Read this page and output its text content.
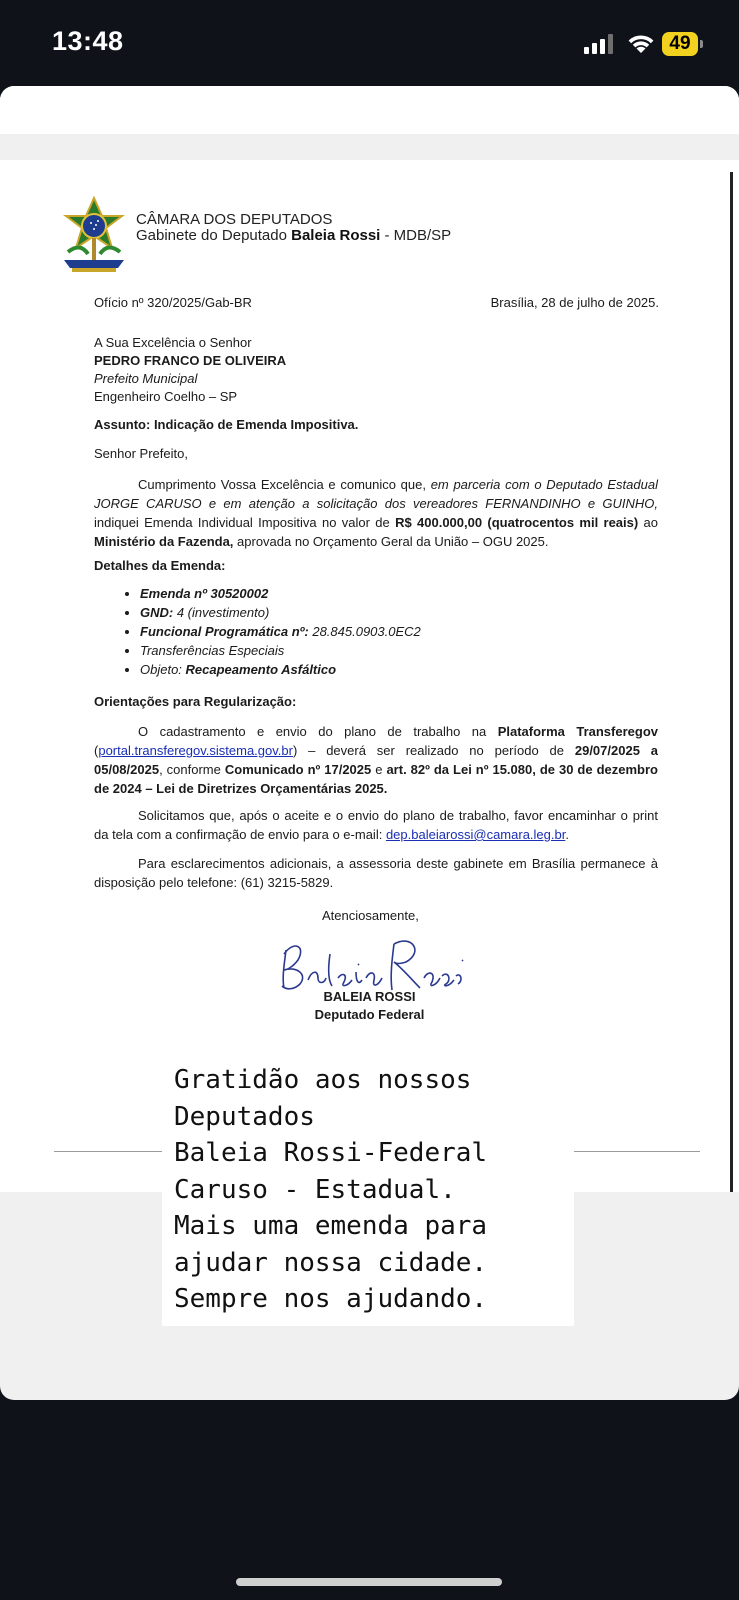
13:48	49
CÂMARA DOS DEPUTADOS
Gabinete do Deputado Baleia Rossi - MDB/SP
Ofício nº 320/2025/Gab-BR	Brasília, 28 de julho de 2025.
A Sua Excelência o Senhor
PEDRO FRANCO DE OLIVEIRA
Prefeito Municipal
Engenheiro Coelho – SP
Assunto: Indicação de Emenda Impositiva.
Senhor Prefeito,
Cumprimento Vossa Excelência e comunico que, em parceria com o Deputado Estadual JORGE CARUSO e em atenção a solicitação dos vereadores FERNANDINHO e GUINHO, indiquei Emenda Individual Impositiva no valor de R$ 400.000,00 (quatrocentos mil reais) ao Ministério da Fazenda, aprovada no Orçamento Geral da União – OGU 2025.
Detalhes da Emenda:
• Emenda nº 30520002
• GND: 4 (investimento)
• Funcional Programática nº: 28.845.0903.0EC2
• Transferências Especiais
• Objeto: Recapeamento Asfáltico
Orientações para Regularização:
O cadastramento e envio do plano de trabalho na Plataforma Transferegov (portal.transferegov.sistema.gov.br) – deverá ser realizado no período de 29/07/2025 a 05/08/2025, conforme Comunicado nº 17/2025 e art. 82º da Lei nº 15.080, de 30 de dezembro de 2024 – Lei de Diretrizes Orçamentárias 2025.
Solicitamos que, após o aceite e o envio do plano de trabalho, favor encaminhar o print da tela com a confirmação de envio para o e-mail: dep.baleiarossi@camara.leg.br.
Para esclarecimentos adicionais, a assessoria deste gabinete em Brasília permanece à disposição pelo telefone: (61) 3215-5829.
Atenciosamente,
BALEIA ROSSI
Deputado Federal
Gratidão aos nossos
Deputados
Baleia Rossi-Federal
Caruso - Estadual.
Mais uma emenda para
ajudar nossa cidade.
Sempre nos ajudando.
